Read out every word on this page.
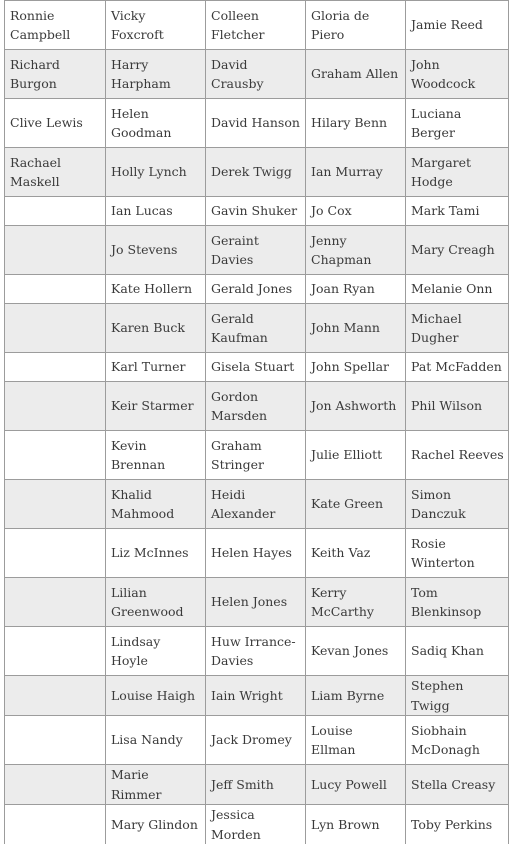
Ronnie Campbell	Vicky Foxcroft	Colleen Fletcher	Gloria de Piero	Jamie Reed
Richard Burgon	Harry Harpham	David Crausby	Graham Allen	John Woodcock
Clive Lewis	Helen Goodman	David Hanson	Hilary Benn	Luciana Berger
Rachael Maskell	Holly Lynch	Derek Twigg	Ian Murray	Margaret Hodge
	Ian Lucas	Gavin Shuker	Jo Cox	Mark Tami
	Jo Stevens	Geraint Davies	Jenny Chapman	Mary Creagh
	Kate Hollern	Gerald Jones	Joan Ryan	Melanie Onn
	Karen Buck	Gerald Kaufman	John Mann	Michael Dugher
	Karl Turner	Gisela Stuart	John Spellar	Pat McFadden
	Keir Starmer	Gordon Marsden	Jon Ashworth	Phil Wilson
	Kevin Brennan	Graham Stringer	Julie Elliott	Rachel Reeves
	Khalid Mahmood	Heidi Alexander	Kate Green	Simon Danczuk
	Liz McInnes	Helen Hayes	Keith Vaz	Rosie Winterton
	Lilian Greenwood	Helen Jones	Kerry McCarthy	Tom Blenkinsop
	Lindsay Hoyle	Huw Irrance-Davies	Kevan Jones	Sadiq Khan
	Louise Haigh	Iain Wright	Liam Byrne	Stephen Twigg
	Lisa Nandy	Jack Dromey	Louise Ellman	Siobhain McDonagh
	Marie Rimmer	Jeff Smith	Lucy Powell	Stella Creasy
	Mary Glindon	Jessica Morden	Lyn Brown	Toby Perkins
